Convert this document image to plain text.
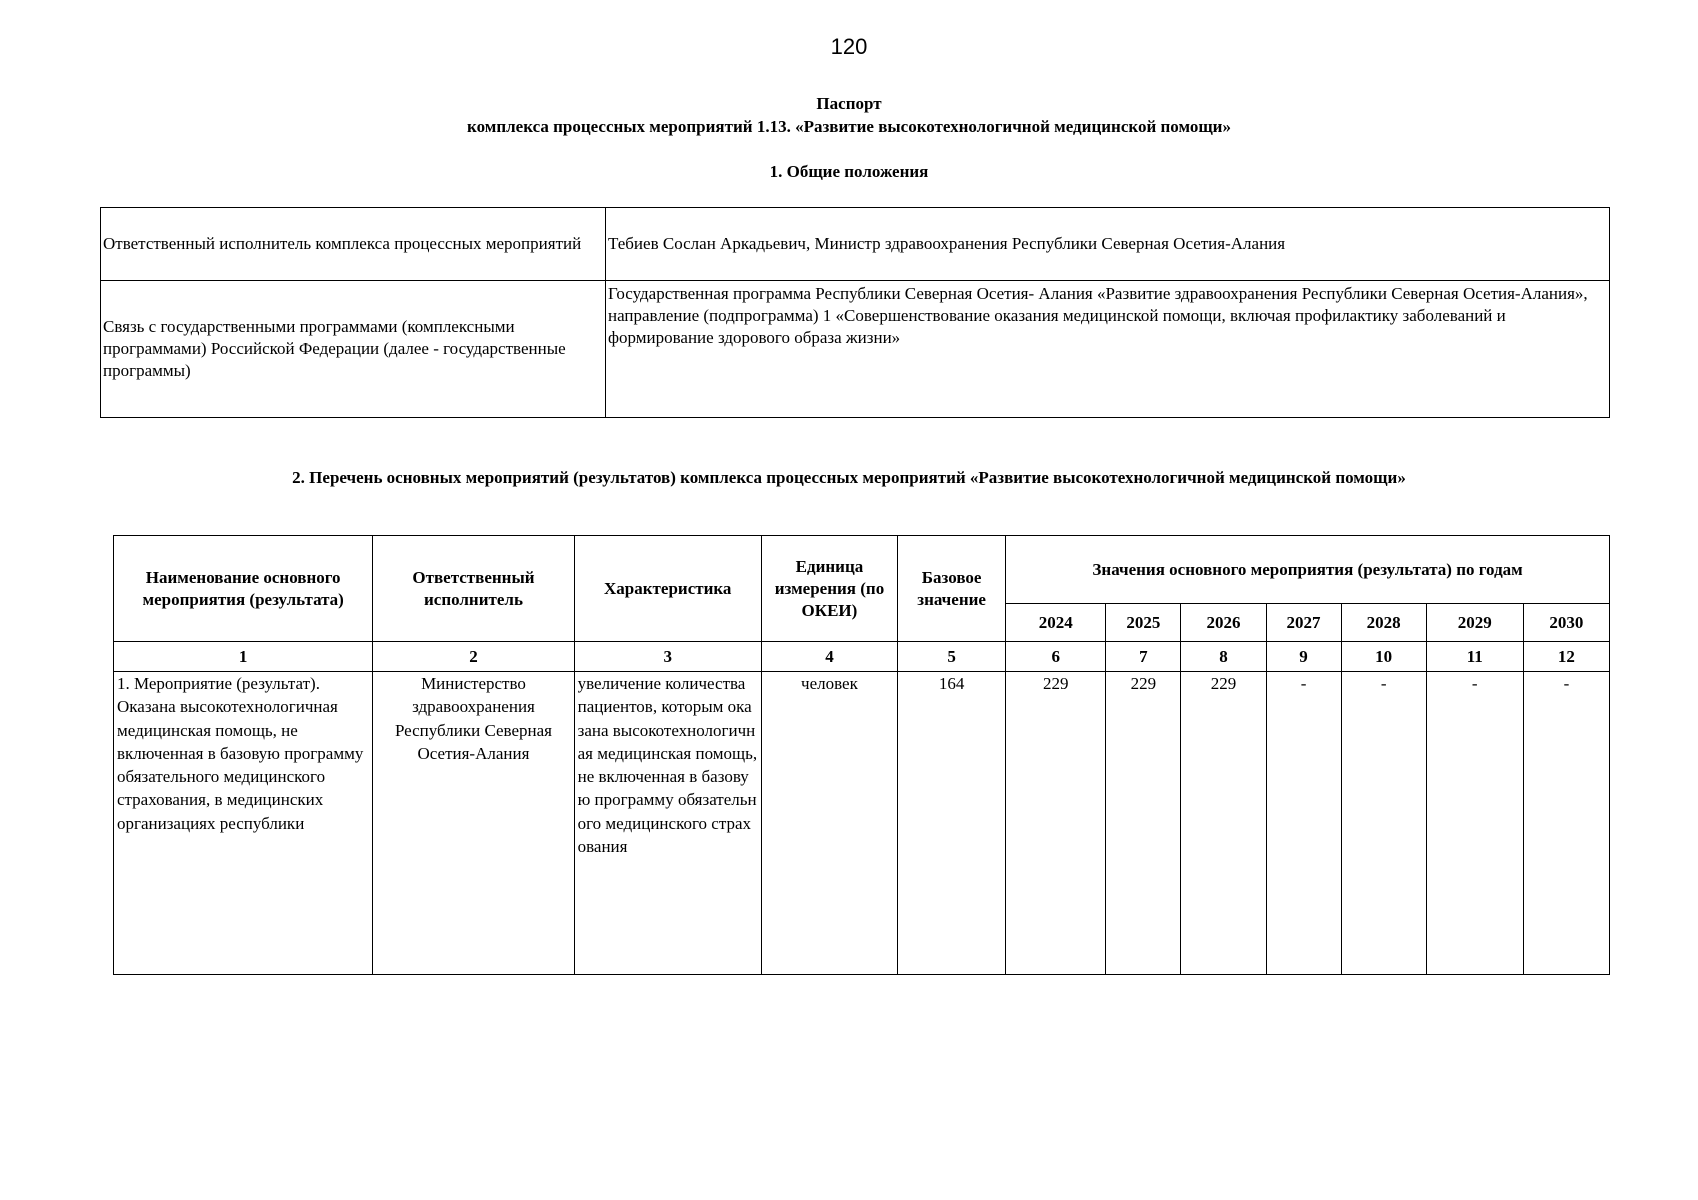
120
Паспорт
комплекса процессных мероприятий 1.13. «Развитие высокотехнологичной медицинской помощи»
1. Общие положения
Ответственный исполнитель комплекса процессных мероприятий	Тебиев Сослан Аркадьевич, Министр здравоохранения Республики Северная Осетия-Алания
Связь с государственными программами (комплексными программами) Российской Федерации (далее - государственные программы)	Государственная программа Республики Северная Осетия- Алания «Развитие здравоохранения Республики Северная Осетия-Алания»,
направление (подпрограмма) 1 «Совершенствование оказания медицинской помощи, включая профилактику заболеваний и формирование здорового образа жизни»
2. Перечень основных мероприятий (результатов) комплекса процессных мероприятий «Развитие высокотехнологичной медицинской помощи»
Наименование основного мероприятия (результата)	Ответственный исполнитель	Характеристика	Единица измерения (по ОКЕИ)	Базовое значение	Значения основного мероприятия (результата) по годам						
					2024	2025	2026	2027	2028	2029	2030
1	2	3	4	5	6	7	8	9	10	11	12
1. Мероприятие (результат).
Оказана высокотехнологичная медицинская помощь, не включенная в базовую программу обязательного медицинского страхования, в медицинских организациях республики	Министерство здравоохранения Республики Северная Осетия-Алания	увеличение количества пациентов, которым оказана высокотехнологичная медицинская помощь, не включенная в базовую программу обязательного медицинского страхования	человек	164	229	229	229	-	-	-	-
